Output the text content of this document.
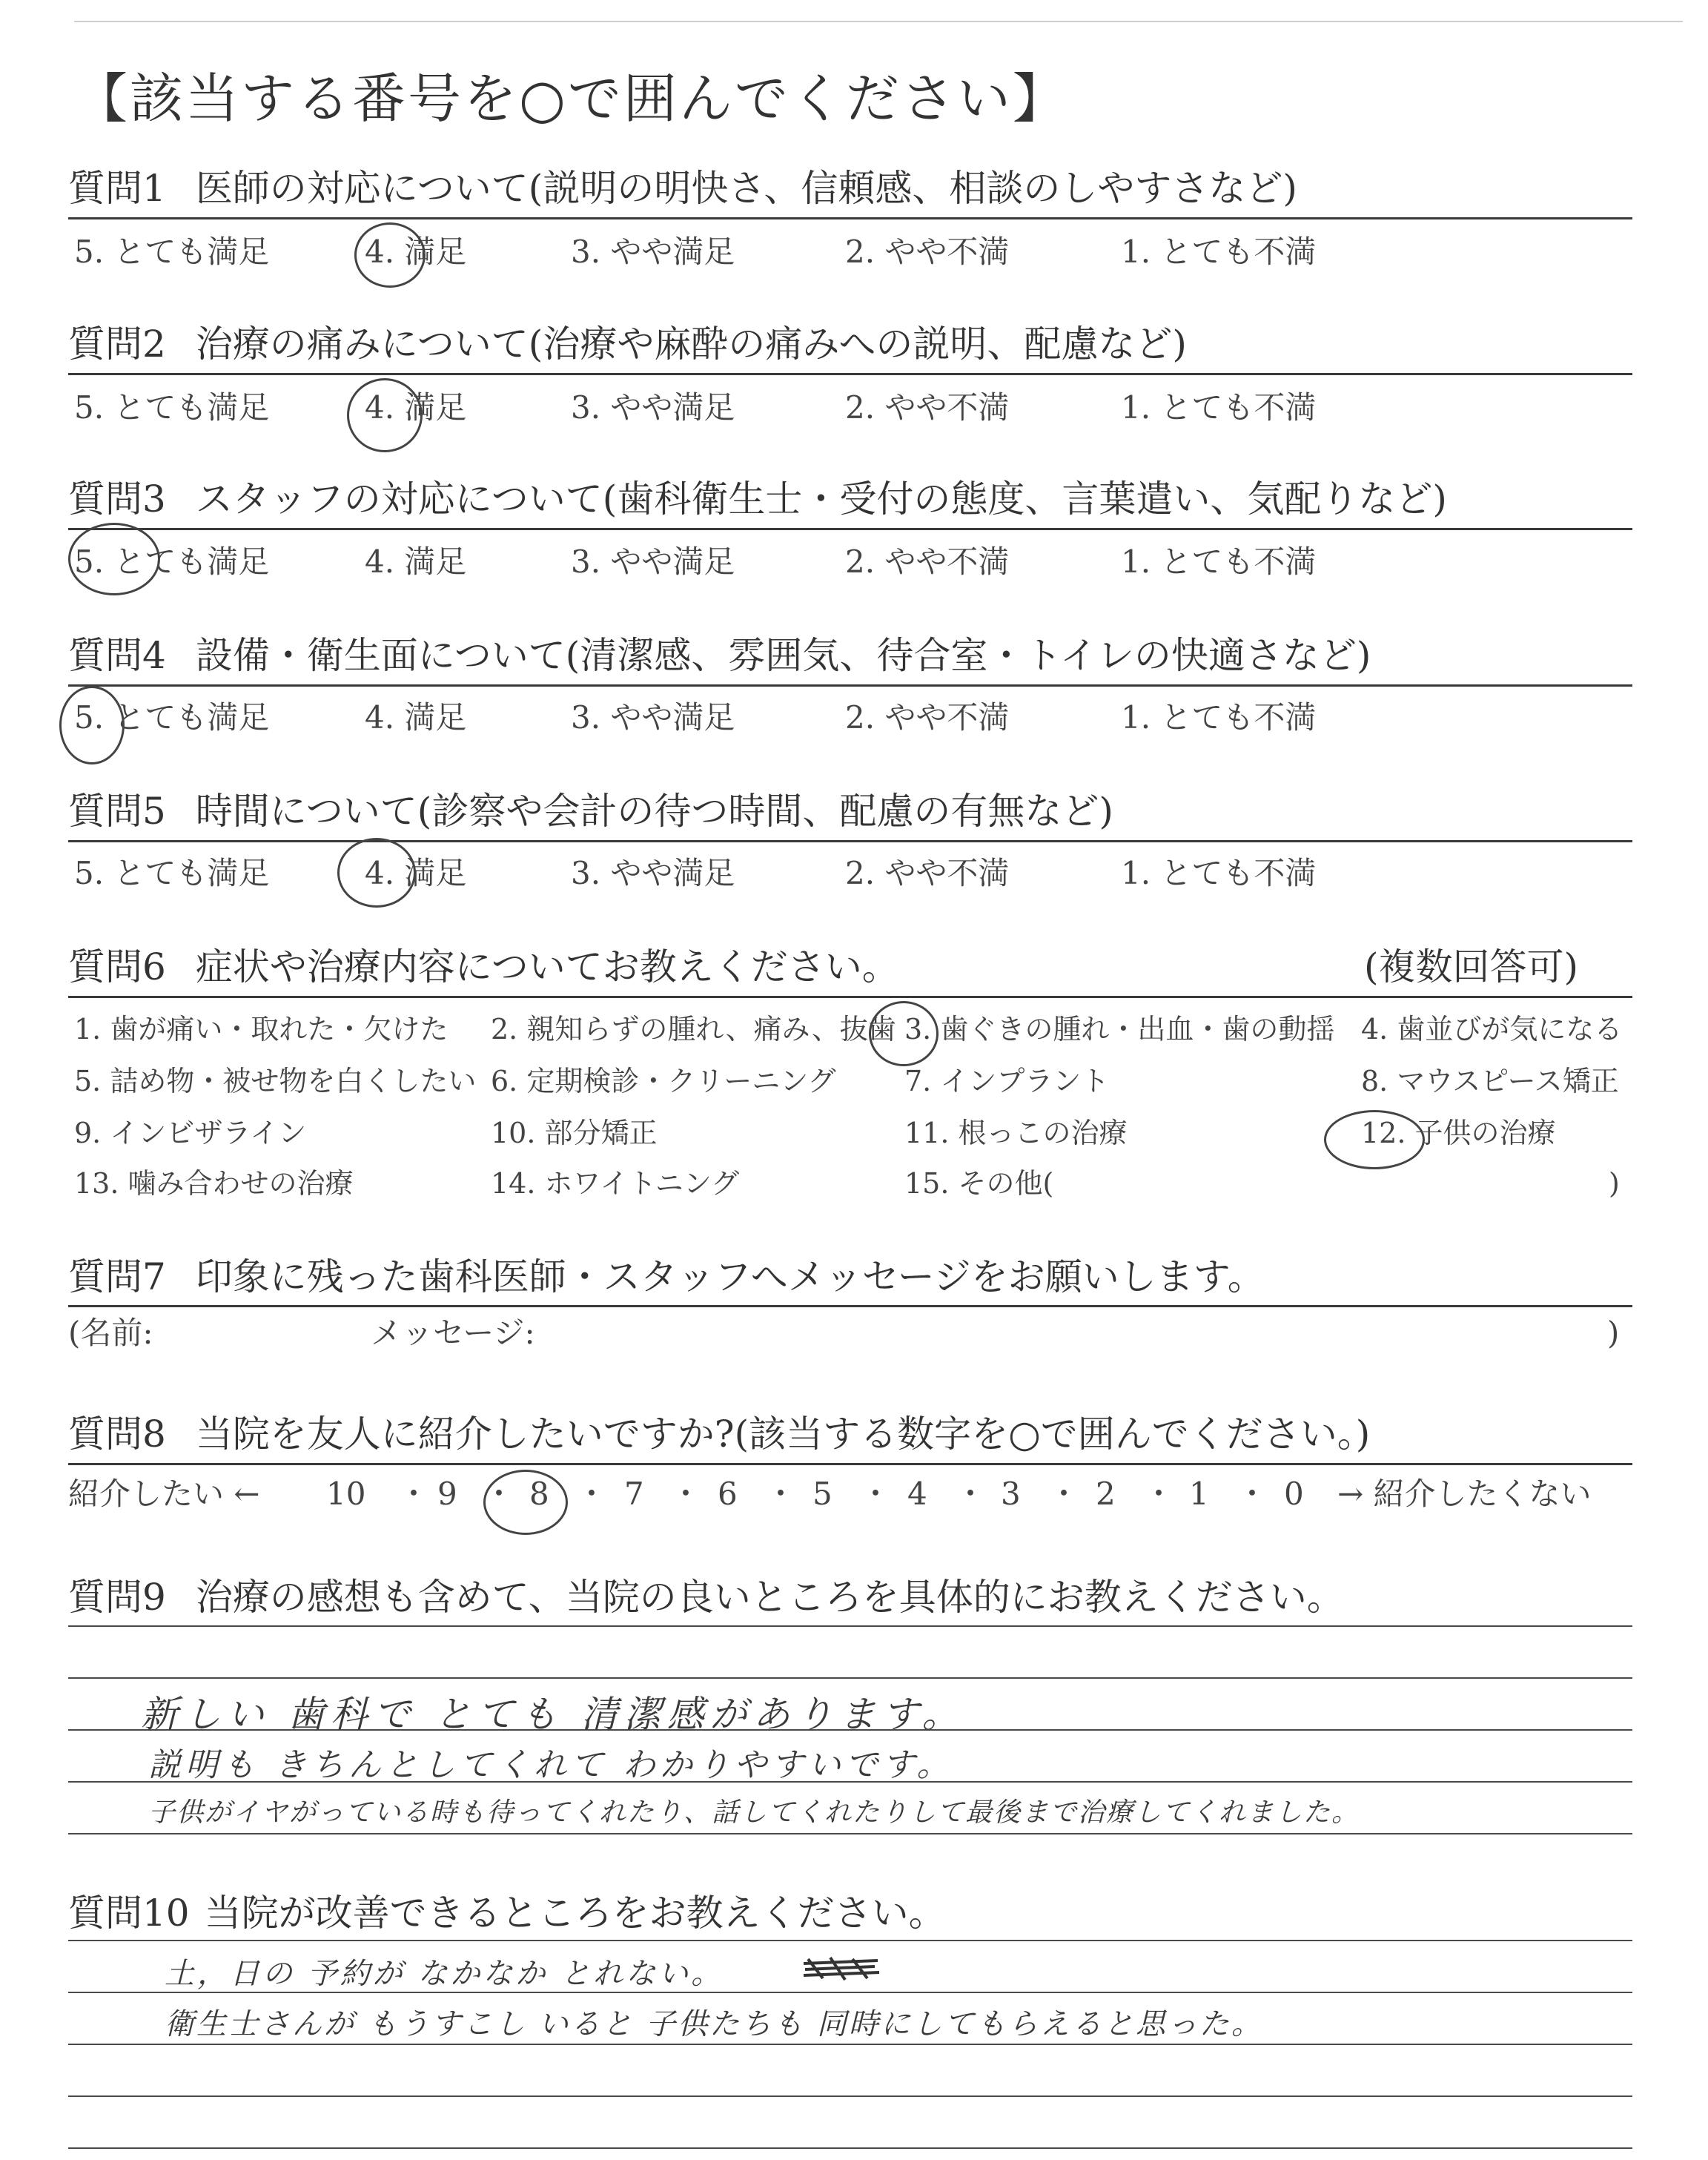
【該当する番号を○で囲んでください】
質問1 医師の対応について(説明の明快さ、信頼感、相談のしやすさなど)
5. とても満足	4. 満足	3. やや満足	2. やや不満	1. とても不満
質問2 治療の痛みについて(治療や麻酔の痛みへの説明、配慮など)
5. とても満足	4. 満足	3. やや満足	2. やや不満	1. とても不満
質問3 スタッフの対応について(歯科衛生士・受付の態度、言葉遣い、気配りなど)
5. とても満足	4. 満足	3. やや満足	2. やや不満	1. とても不満
質問4 設備・衛生面について(清潔感、雰囲気、待合室・トイレの快適さなど)
5. とても満足	4. 満足	3. やや満足	2. やや不満	1. とても不満
質問5 時間について(診察や会計の待つ時間、配慮の有無など)
5. とても満足	4. 満足	3. やや満足	2. やや不満	1. とても不満
質問6 症状や治療内容についてお教えください。	(複数回答可)
1. 歯が痛い・取れた・欠けた 2. 親知らずの腫れ、痛み、抜歯 3. 歯ぐきの腫れ・出血・歯の動揺 4. 歯並びが気になる
5. 詰め物・被せ物を白くしたい 6. 定期検診・クリーニング 7. インプラント	8. マウスピース矯正
9. インビザライン	10. 部分矯正	11. 根っこの治療	12. 子供の治療
13. 噛み合わせの治療	14. ホワイトニング	15. その他(	)
質問7 印象に残った歯科医師・スタッフへメッセージをお願いします。
(名前:	メッセージ:	)
質問8 当院を友人に紹介したいですか?(該当する数字を○で囲んでください。)
紹介したい ← 10 ・ 9 ・ 8 ・ 7 ・ 6 ・ 5 ・ 4 ・ 3 ・ 2 ・ 1 ・ 0 → 紹介したくない
質問9 治療の感想も含めて、当院の良いところを具体的にお教えください。
新しい 歯科で とても 清潔感があります。
説明も きちんとしてくれて わかりやすいです。
子供がイヤがっている時も待ってくれたり、話してくれたりして最後まで治療してくれました。
質問10 当院が改善できるところをお教えください。
土，日の 予約が なかなか とれない。
衛生士さんが もうすこし いると 子供たちも 同時にしてもらえると思った。
